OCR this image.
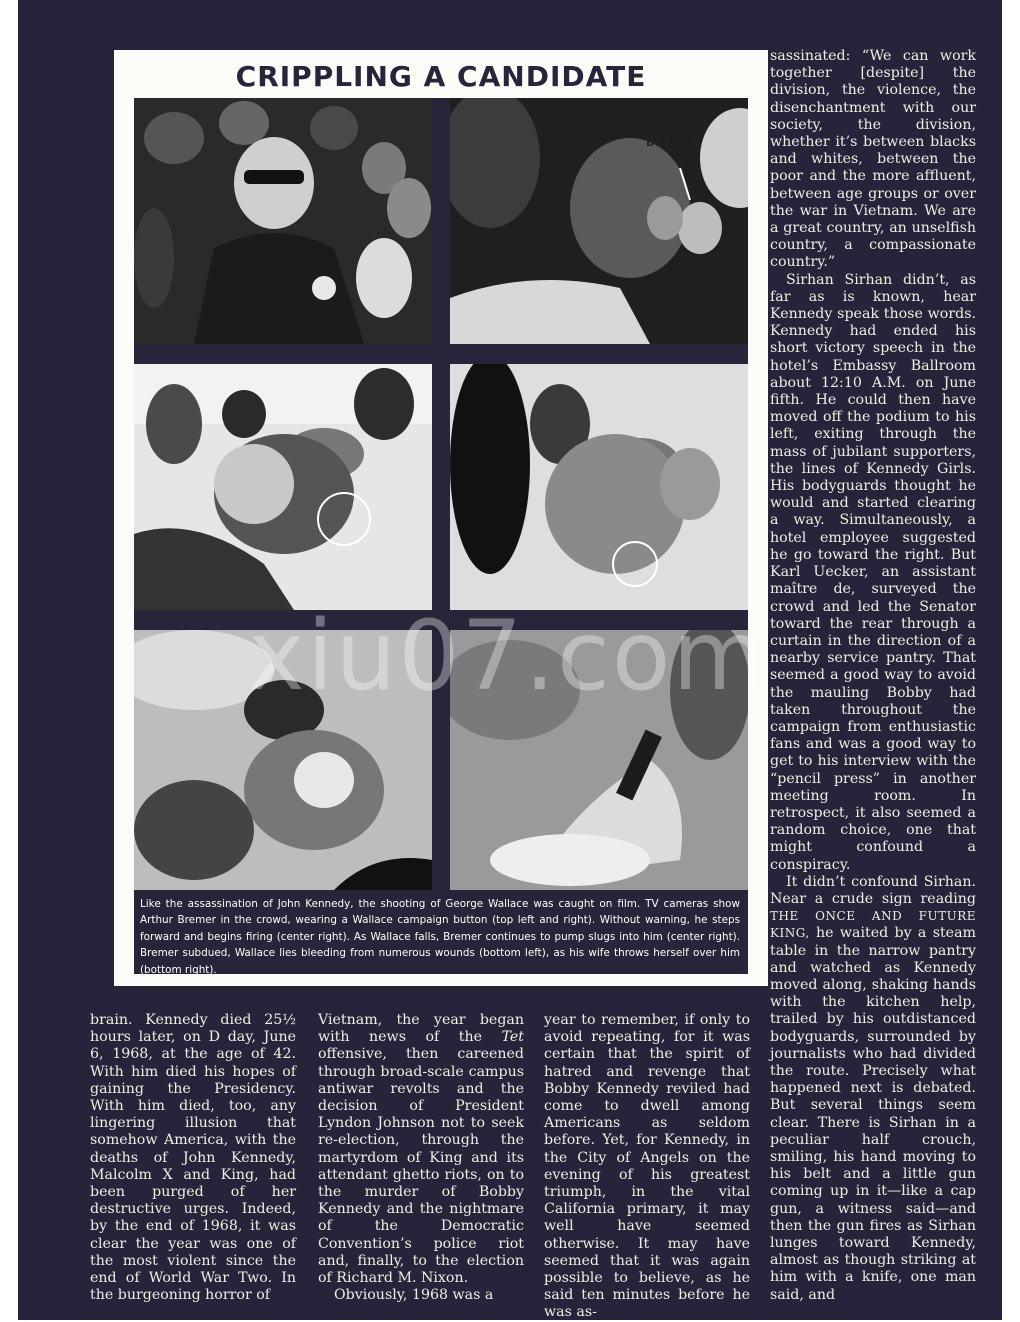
CRIPPLING A CANDIDATE
BREMER
Like the assassination of John Kennedy, the shooting of George Wallace was caught on film. TV cameras show Arthur Bremer in the crowd, wearing a Wallace campaign button (top left and right). Without warning, he steps forward and begins firing (center right). As Wallace falls, Bremer continues to pump slugs into him (center right). Bremer subdued, Wallace lies bleeding from numerous wounds (bottom left), as his wife throws herself over him (bottom right).

sassinated: “We can work together [despite] the division, the violence, the disenchantment with our society, the division, whether it’s between blacks and whites, between the poor and the more affluent, between age groups or over the war in Vietnam. We are a great country, an unselfish country, a compassionate country.”

Sirhan Sirhan didn’t, as far as is known, hear Kennedy speak those words. Kennedy had ended his short victory speech in the hotel’s Embassy Ballroom about 12:10 A.M. on June fifth. He could then have moved off the podium to his left, exiting through the mass of jubilant supporters, the lines of Kennedy Girls. His bodyguards thought he would and started clearing a way. Simultaneously, a hotel employee suggested he go toward the right. But Karl Uecker, an assistant maître de, surveyed the crowd and led the Senator toward the rear through a curtain in the direction of a nearby service pantry. That seemed a good way to avoid the mauling Bobby had taken throughout the campaign from enthusiastic fans and was a good way to get to his interview with the “pencil press” in another meeting room. In retrospect, it also seemed a random choice, one that might confound a conspiracy.

It didn’t confound Sirhan. Near a crude sign reading THE ONCE AND FUTURE KING, he waited by a steam table in the narrow pantry and watched as Kennedy moved along, shaking hands with the kitchen help, trailed by his outdistanced bodyguards, surrounded by journalists who had divided the route. Precisely what happened next is debated. But several things seem clear. There is Sirhan in a peculiar half crouch, smiling, his hand moving to his belt and a little gun coming up in it—like a cap gun, a witness said—and then the gun fires as Sirhan lunges toward Kennedy, almost as though striking at him with a knife, one man said, and

brain. Kennedy died 25½ hours later, on D day, June 6, 1968, at the age of 42. With him died his hopes of gaining the Presidency. With him died, too, any lingering illusion that somehow America, with the deaths of John Kennedy, Malcolm X and King, had been purged of her destructive urges. Indeed, by the end of 1968, it was clear the year was one of the most violent since the end of World War Two. In the burgeoning horror of

Vietnam, the year began with news of the Tet offensive, then careened through broad-scale campus antiwar revolts and the decision of President Lyndon Johnson not to seek re-election, through the martyrdom of King and its attendant ghetto riots, on to the murder of Bobby Kennedy and the nightmare of the Democratic Convention’s police riot and, finally, to the election of Richard M. Nixon.

Obviously, 1968 was a

year to remember, if only to avoid repeating, for it was certain that the spirit of hatred and revenge that Bobby Kennedy reviled had come to dwell among Americans as seldom before. Yet, for Kennedy, in the City of Angels on the evening of his greatest triumph, in the vital California primary, it may well have seemed otherwise. It may have seemed that it was again possible to believe, as he said ten minutes before he was as-

xiu07.com
